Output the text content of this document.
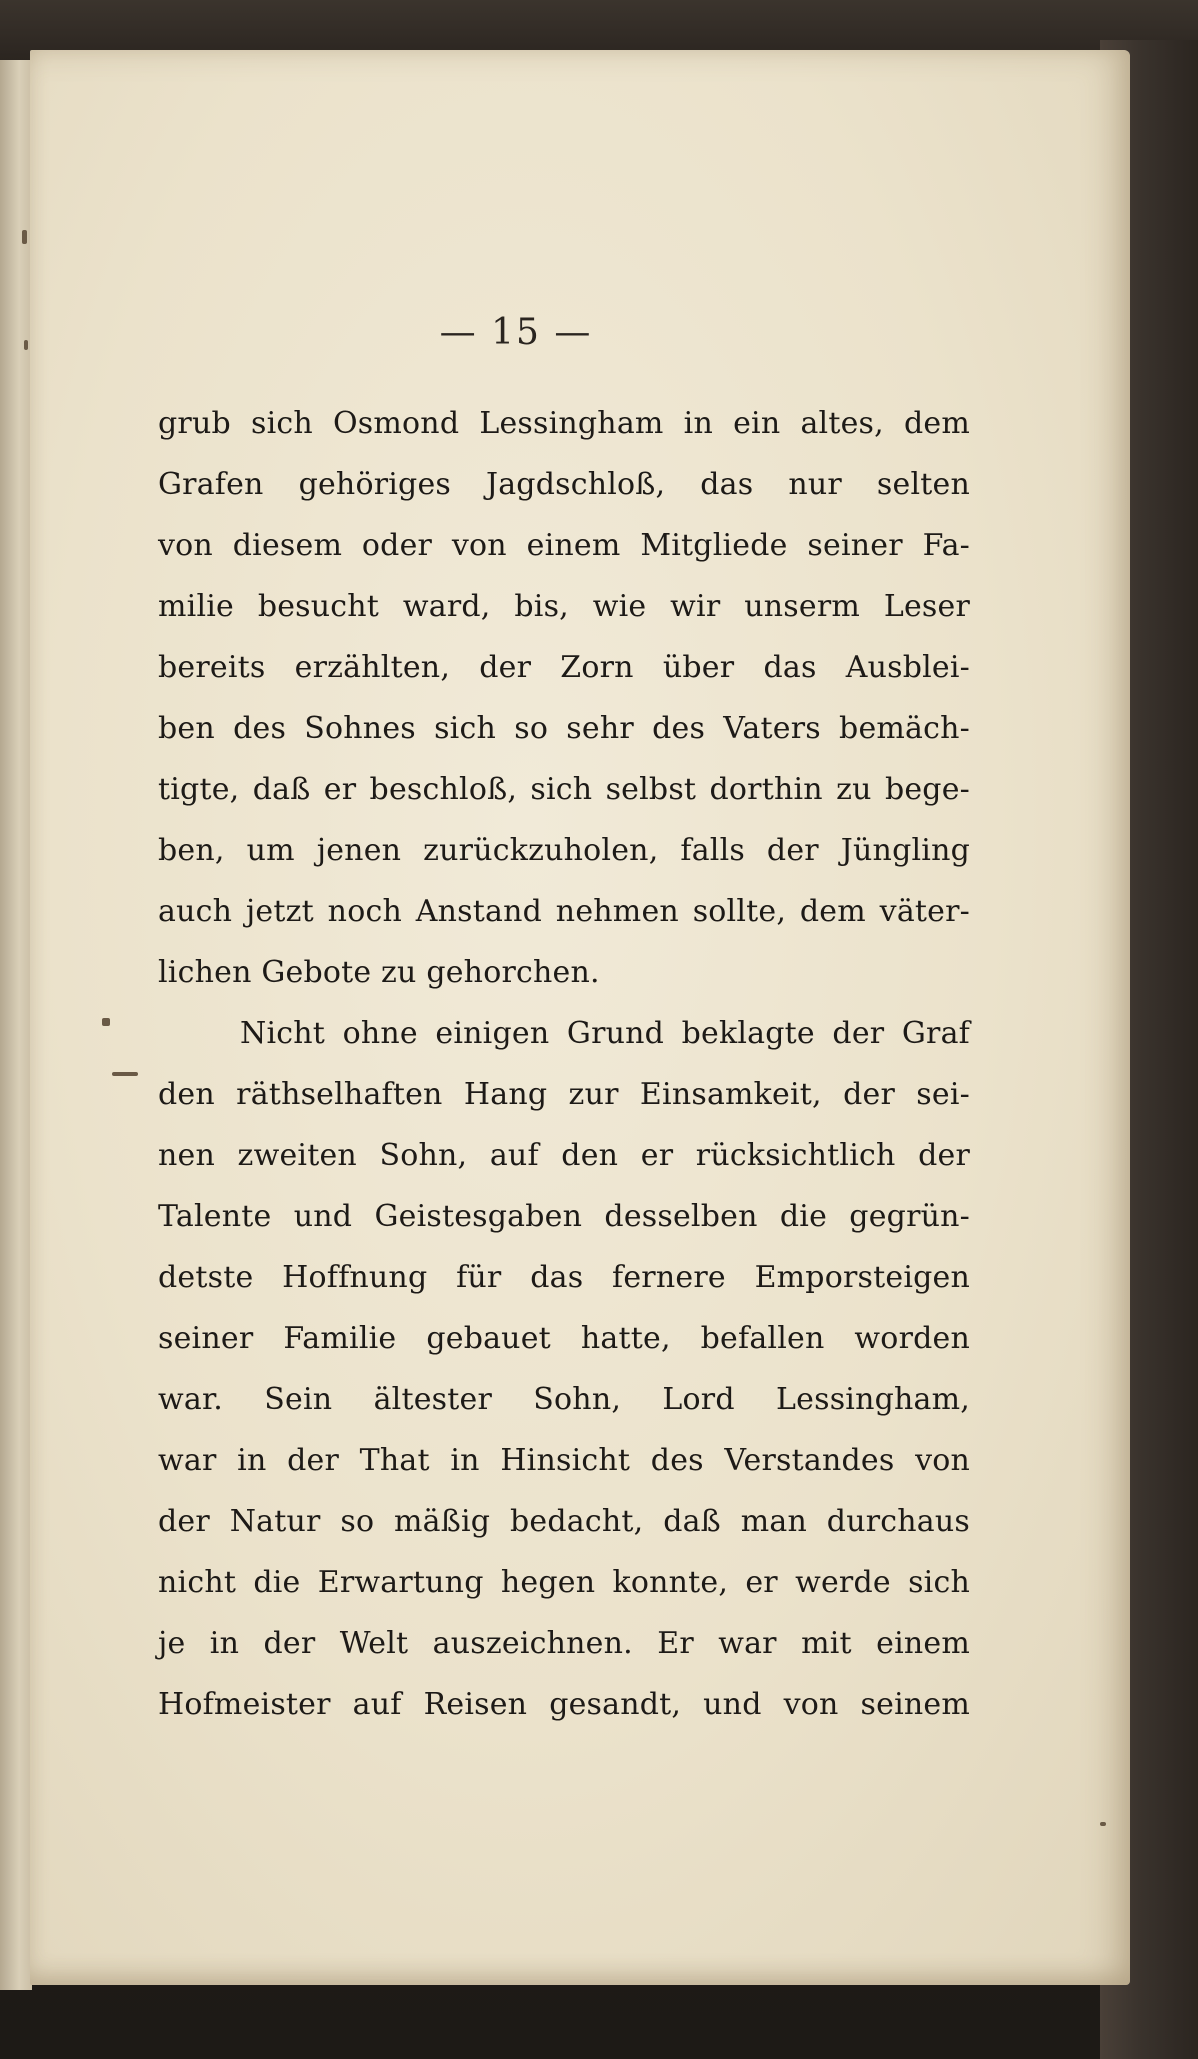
— 15 —
grub sich Osmond Lessingham in ein altes, dem
Grafen gehöriges Jagdschloß, das nur selten
von diesem oder von einem Mitgliede seiner Fa-
milie besucht ward, bis, wie wir unserm Leser
bereits erzählten, der Zorn über das Ausblei-
ben des Sohnes sich so sehr des Vaters bemäch-
tigte, daß er beschloß, sich selbst dorthin zu bege-
ben, um jenen zurückzuholen, falls der Jüngling
auch jetzt noch Anstand nehmen sollte, dem väter-
lichen Gebote zu gehorchen.
Nicht ohne einigen Grund beklagte der Graf
den räthselhaften Hang zur Einsamkeit, der sei-
nen zweiten Sohn, auf den er rücksichtlich der
Talente und Geistesgaben desselben die gegrün-
detste Hoffnung für das fernere Emporsteigen
seiner Familie gebauet hatte, befallen worden
war. Sein ältester Sohn, Lord Lessingham,
war in der That in Hinsicht des Verstandes von
der Natur so mäßig bedacht, daß man durchaus
nicht die Erwartung hegen konnte, er werde sich
je in der Welt auszeichnen. Er war mit einem
Hofmeister auf Reisen gesandt, und von seinem
